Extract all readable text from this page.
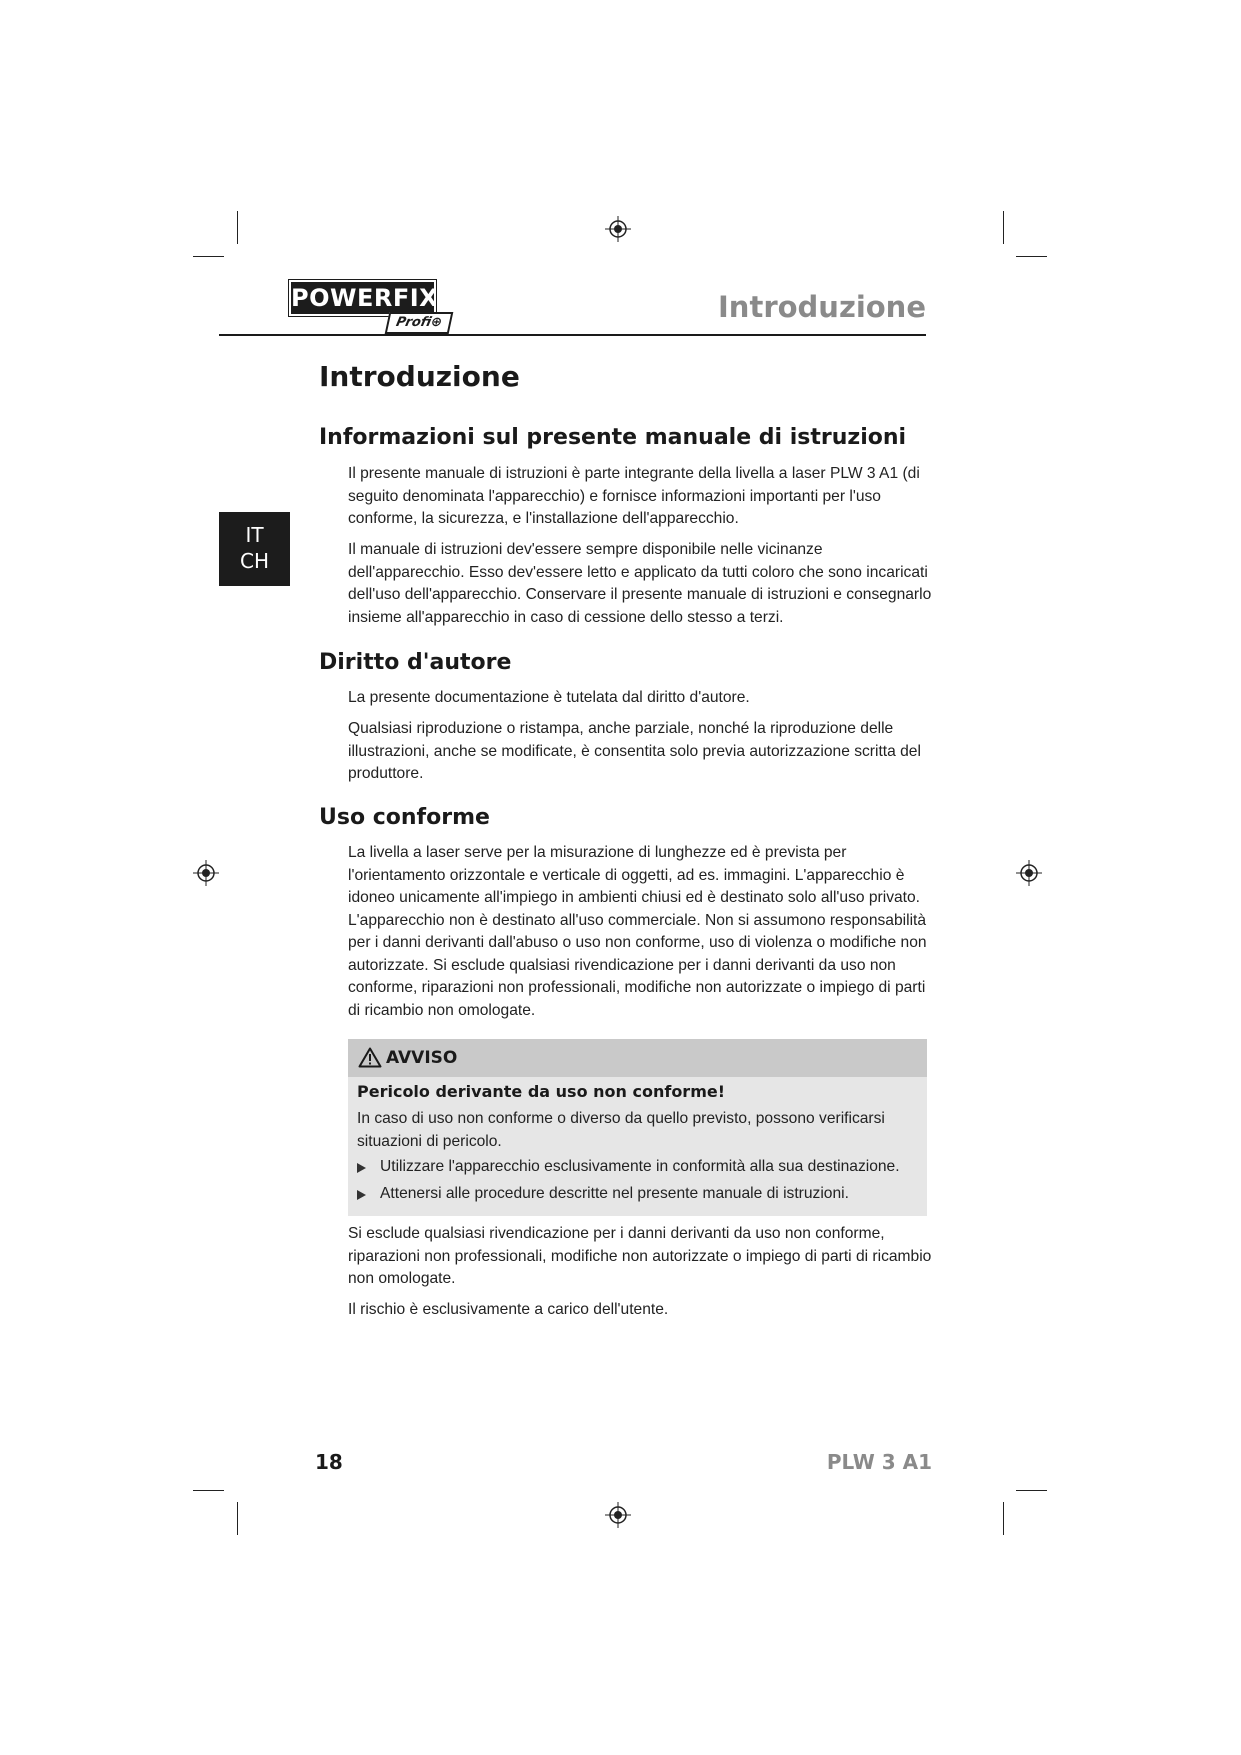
POWERFIX
Profi⊕	Introduzione
IT
CH
Introduzione
Informazioni sul presente manuale di istruzioni

Il presente manuale di istruzioni è parte integrante della livella a laser PLW 3 A1 (di seguito denominata l'apparecchio) e fornisce informazioni importanti per l'uso conforme, la sicurezza, e l'installazione dell'apparecchio.

Il manuale di istruzioni dev'essere sempre disponibile nelle vicinanze dell'apparecchio. Esso dev'essere letto e applicato da tutti coloro che sono incaricati dell'uso dell'apparecchio. Conservare il presente manuale di istruzioni e consegnarlo insieme all'apparecchio in caso di cessione dello stesso a terzi.

Diritto d'autore

La presente documentazione è tutelata dal diritto d'autore.

Qualsiasi riproduzione o ristampa, anche parziale, nonché la riproduzione delle illustrazioni, anche se modificate, è consentita solo previa autorizzazione scritta del produttore.

Uso conforme

La livella a laser serve per la misurazione di lunghezze ed è prevista per l'orientamento orizzontale e verticale di oggetti, ad es. immagini. L'apparecchio è idoneo unicamente all'impiego in ambienti chiusi ed è destinato solo all'uso privato. L'apparecchio non è destinato all'uso commerciale. Non si assumono responsabilità per i danni derivanti dall'abuso o uso non conforme, uso di violenza o modifiche non autorizzate. Si esclude qualsiasi rivendicazione per i danni derivanti da uso non conforme, riparazioni non professionali, modifiche non autorizzate o impiego di parti di ricambio non omologate.

AVVISO
Pericolo derivante da uso non conforme!
In caso di uso non conforme o diverso da quello previsto, possono verificarsi situazioni di pericolo.
Utilizzare l'apparecchio esclusivamente in conformità alla sua destinazione.
Attenersi alle procedure descritte nel presente manuale di istruzioni.

Si esclude qualsiasi rivendicazione per i danni derivanti da uso non conforme, riparazioni non professionali, modifiche non autorizzate o impiego di parti di ricambio non omologate.

Il rischio è esclusivamente a carico dell'utente.

18	PLW 3 A1
